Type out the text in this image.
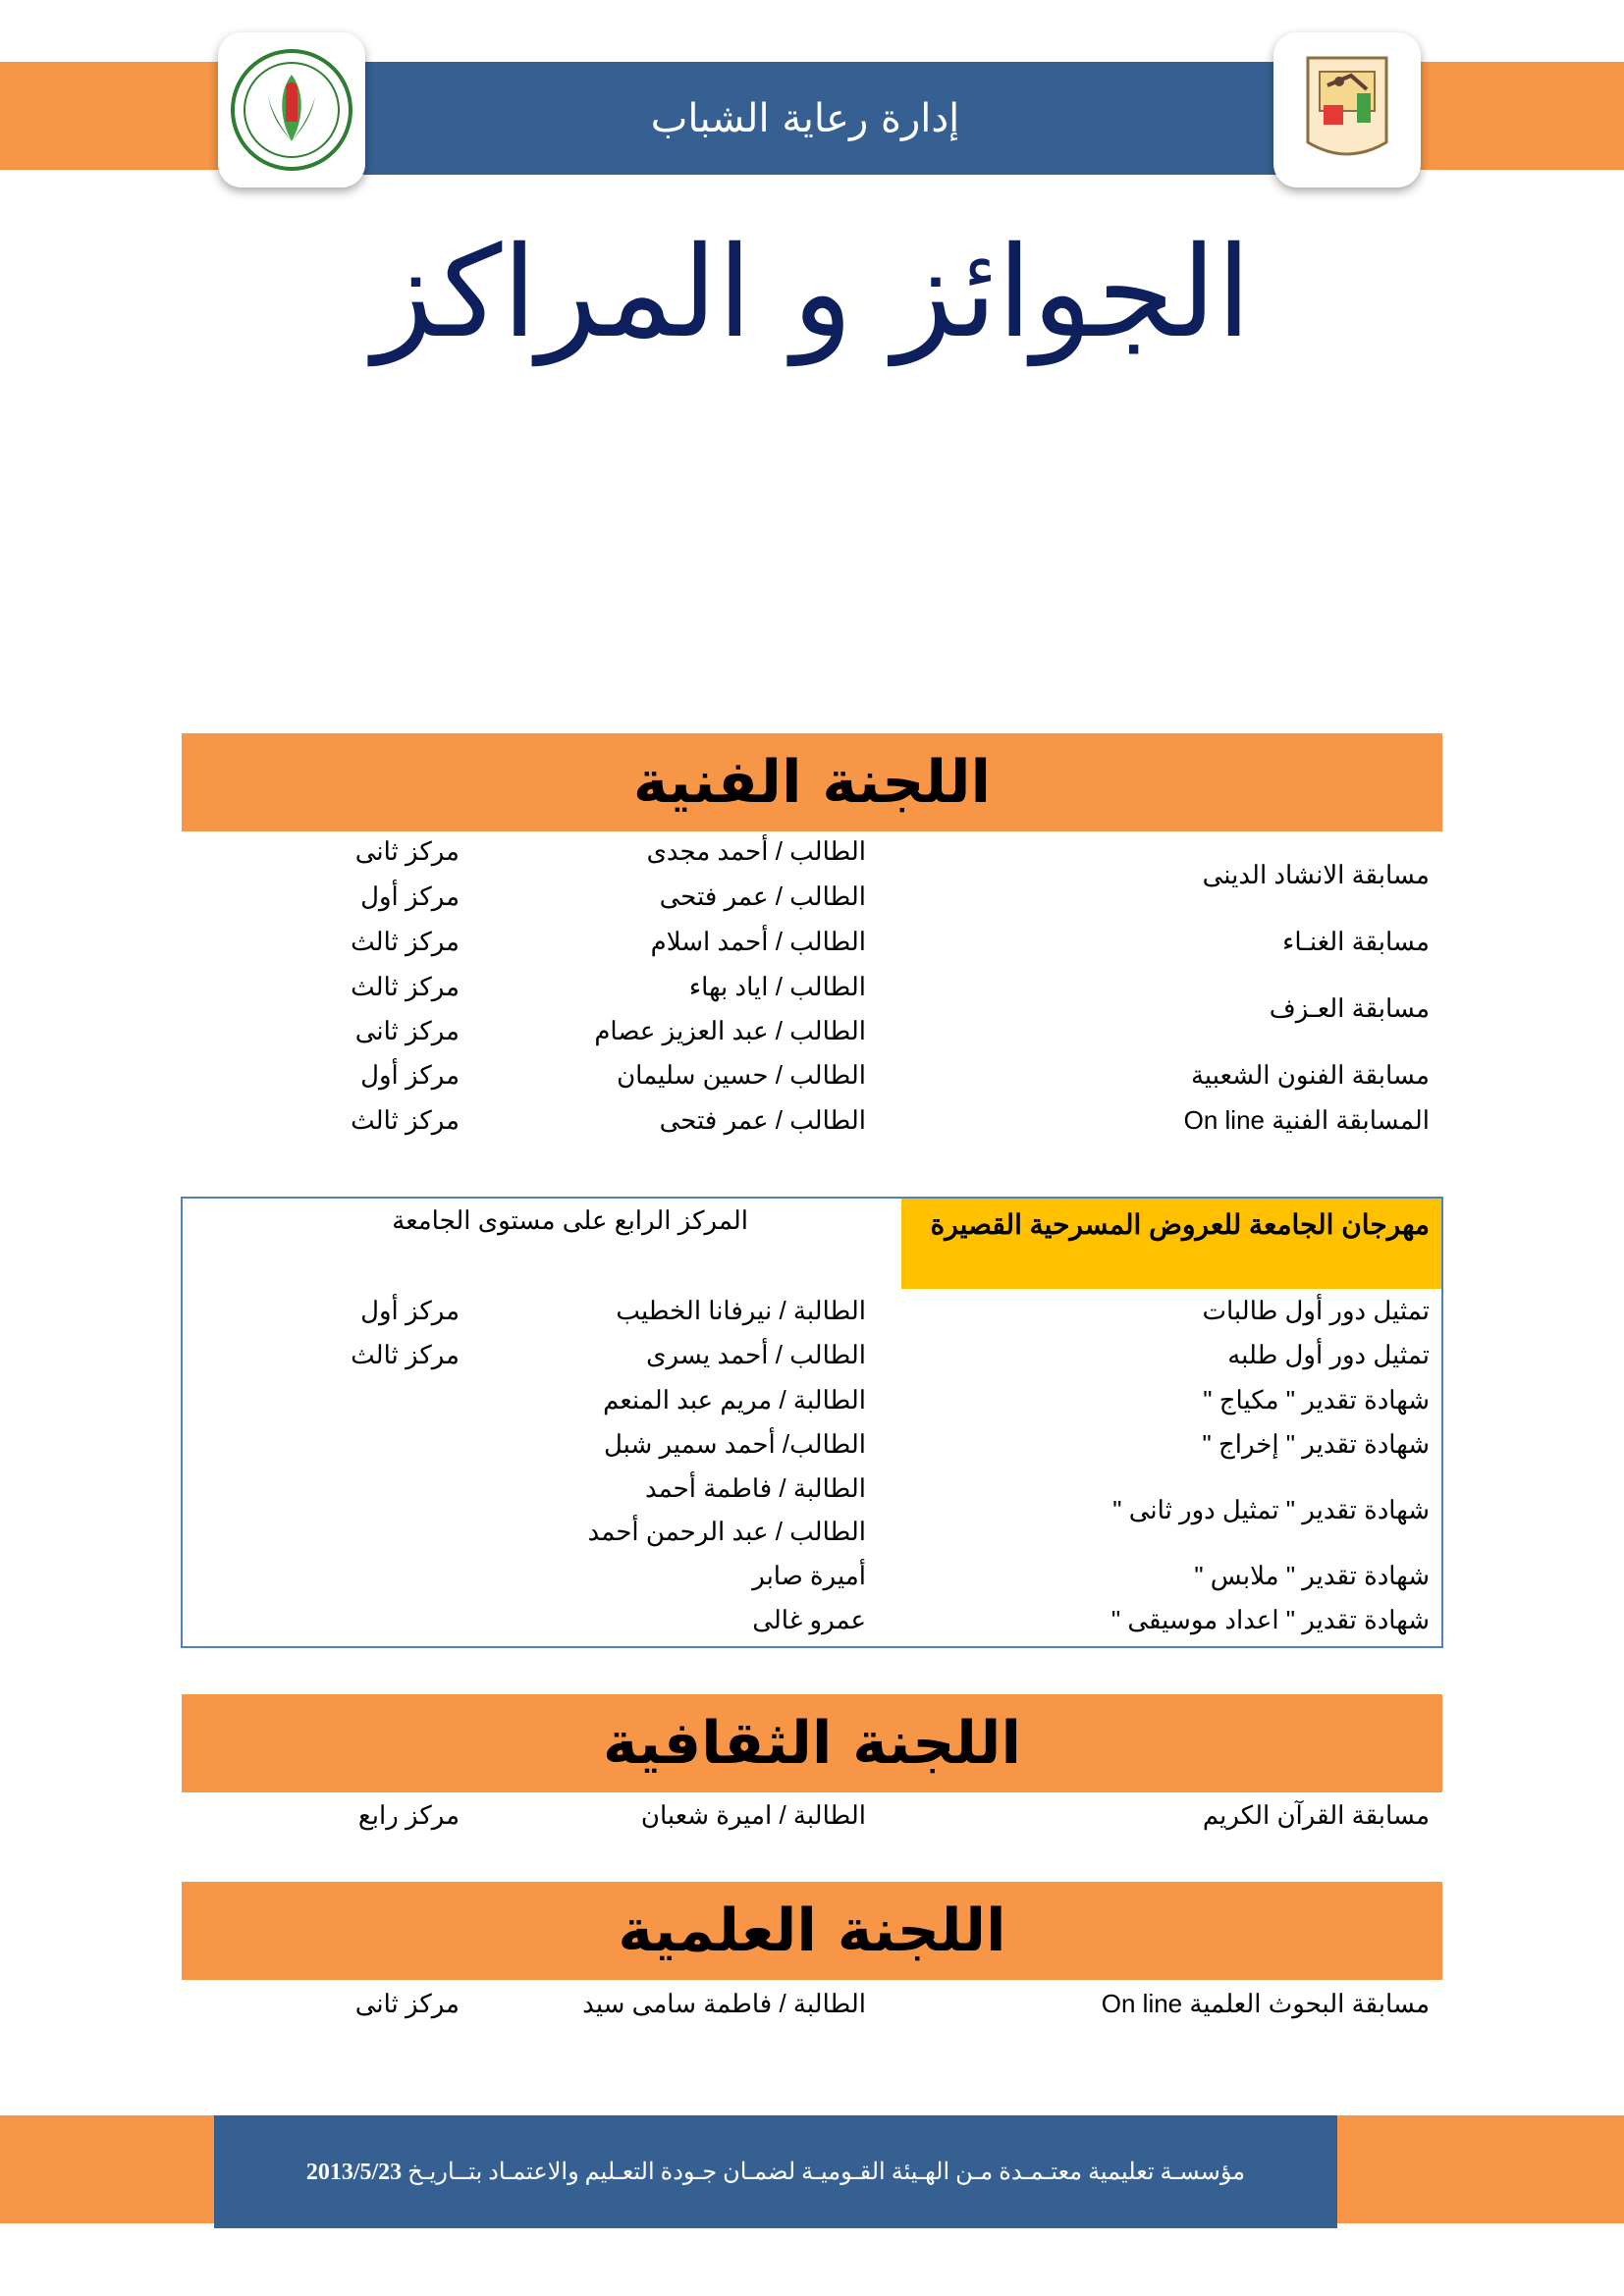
إدارة رعاية الشباب
الجوائز و المراكز
اللجنة الفنية
مسابقة الانشاد الدينى
مسابقة الغنـاء
مسابقة العـزف
مسابقة الفنون الشعبية
المسابقة الفنية On line
الطالب / أحمد مجدى
مركز ثانى
الطالب / عمر فتحى
مركز أول
الطالب / أحمد اسلام
مركز ثالث
الطالب / اياد بهاء
مركز ثالث
الطالب / عبد العزيز عصام
مركز ثانى
الطالب / حسين سليمان
مركز أول
الطالب / عمر فتحى
مركز ثالث
مهرجان الجامعة للعروض المسرحية القصيرة
المركز الرابع على مستوى الجامعة
تمثيل دور أول طالبات
تمثيل دور أول طلبه
شهادة تقدير " مكياج "
شهادة تقدير " إخراج "
شهادة تقدير " تمثيل دور ثانى "
شهادة تقدير " ملابس "
شهادة تقدير " اعداد موسيقى "
الطالبة / نيرفانا الخطيب
مركز أول
الطالب / أحمد يسرى
مركز ثالث
الطالبة / مريم عبد المنعم
الطالب/ أحمد سمير شبل
الطالبة / فاطمة أحمد
الطالب / عبد الرحمن أحمد
أميرة صابر
عمرو غالى
اللجنة الثقافية
مسابقة القرآن الكريم
الطالبة / اميرة شعبان
مركز رابع
اللجنة العلمية
مسابقة البحوث العلمية On line
الطالبة / فاطمة سامى سيد
مركز ثانى
مؤسسـة تعليمية معتـمـدة مـن الهـيئة القـوميـة لضمـان جـودة التعـليم والاعتمـاد بتــاريـخ 2013/5/23
